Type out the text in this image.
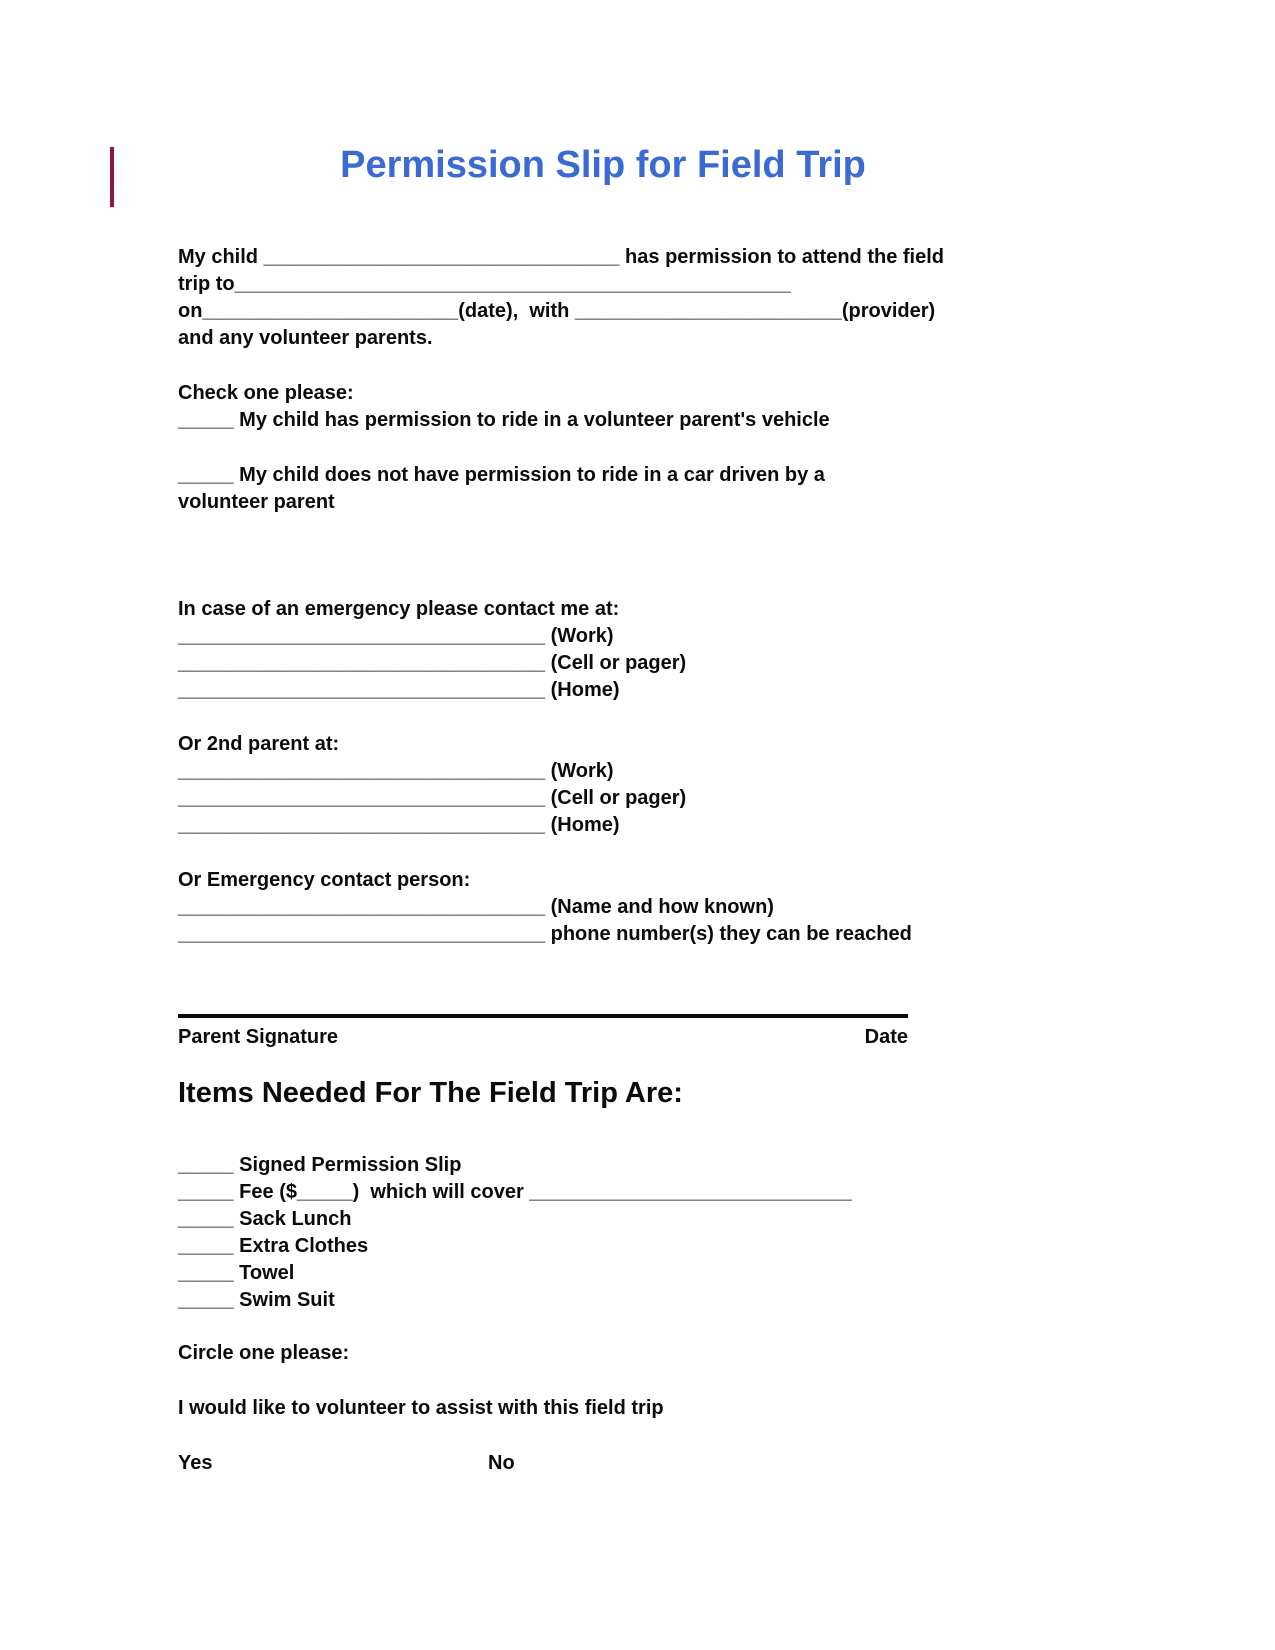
Permission Slip for Field Trip
My child ________________________________ has permission to attend the field
trip to__________________________________________________
on_______________________(date),  with ________________________(provider)
and any volunteer parents.
Check one please:
_____ My child has permission to ride in a volunteer parent's vehicle
_____ My child does not have permission to ride in a car driven by a
volunteer parent
In case of an emergency please contact me at:
_________________________________ (Work)
_________________________________ (Cell or pager)
_________________________________ (Home)
Or 2nd parent at:
_________________________________ (Work)
_________________________________ (Cell or pager)
_________________________________ (Home)
Or Emergency contact person:
_________________________________ (Name and how known)
_________________________________ phone number(s) they can be reached
Parent Signature	Date
Items Needed For The Field Trip Are:
_____ Signed Permission Slip
_____ Fee ($_____)  which will cover _____________________________
_____ Sack Lunch
_____ Extra Clothes
_____ Towel
_____ Swim Suit
Circle one please:
I would like to volunteer to assist with this field trip
Yes	No
